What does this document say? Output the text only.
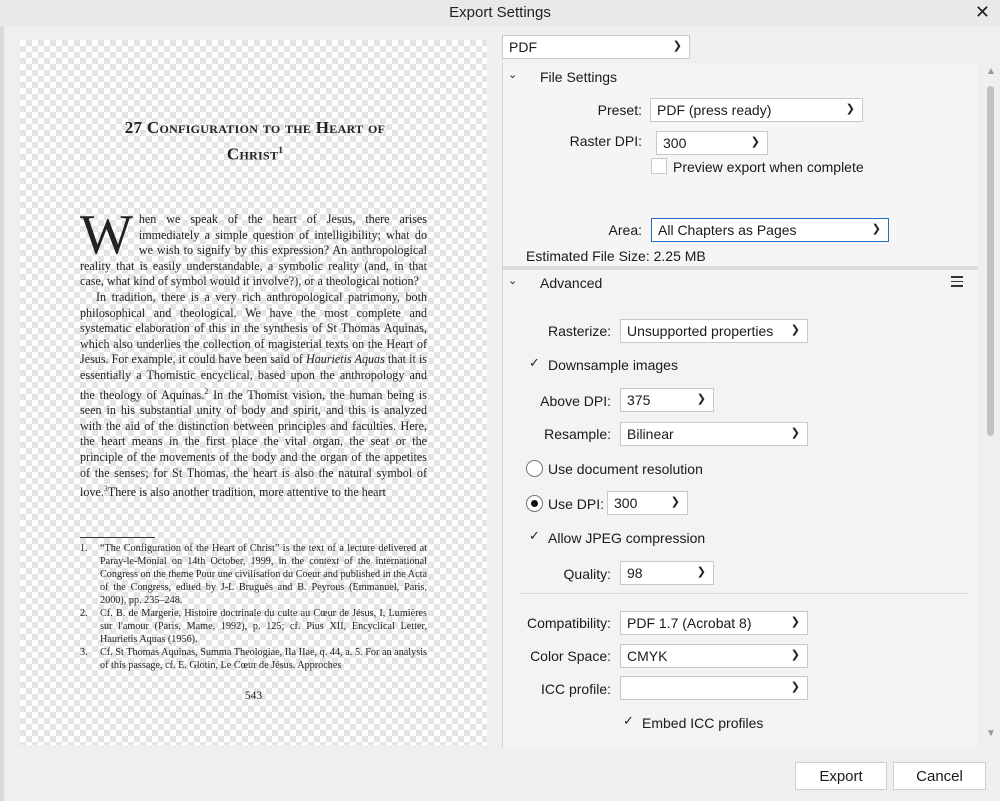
Export Settings	✕
27 Configuration to the Heart of
Christ$^1$

When we speak of the heart of Jesus, there arises immediately a simple question of intelligibility; what do we wish to signify by this expression? An anthropological reality that is easily understandable, a symbolic reality (and, in that case, what kind of symbol would it involve?), or a theological notion?

In tradition, there is a very rich anthropological patrimony, both philosophical and theological. We have the most complete and systematic elaboration of this in the synthesis of St Thomas Aquinas, which also underlies the collection of magisterial texts on the Heart of Jesus. For example, it could have been said of Haurietis Aquas that it is essentially a Thomistic encyclical, based upon the anthropology and the theology of Aquinas.$^2$ In the Thomist vision, the human being is seen in his substantial unity of body and spirit, and this is analyzed with the aid of the distinction between principles and faculties. Here, the heart means in the first place the vital organ, the seat or the principle of the movements of the body and the organ of the appetites of the senses; for St Thomas, the heart is also the natural symbol of love.$^3$There is also another tradition, more attentive to the heart

1.	“The Configuration of the Heart of Christ” is the text of a lecture delivered at Paray-le-Monial on 14th October, 1999, in the context of the international Congress on the theme Pour une civilisation du Coeur and published in the Acta of the Congress, edited by J-L Bruguès and B. Peyrous (Emmanuel, Paris, 2000), pp. 235–248.
2.	Cf. B. de Margerie, Histoire doctrinale du culte au Cœur de Jésus, I, Lumières sur l'amour (Paris, Mame, 1992), p. 125; cf. Pius XII, Encyclical Letter, Haurietis Aquas (1956).
3.	Cf. St Thomas Aquinas, Summa Theologiae, IIa IIae, q. 44, a. 5. For an analysis of this passage, cf. E. Glotin, Le Cœur de Jésus. Approches
543
PDF	❯
⌄ File Settings
Preset:	PDF (press ready)	❯
Raster DPI:	300	❯
Preview export when complete
Area:	All Chapters as Pages	❯
Estimated File Size: 2.25 MB
⌄ Advanced
Rasterize:	Unsupported properties ❯
✓
Downsample images
Above DPI:	375	❯
Resample:	Bilinear	❯
Use document resolution
Use DPI: 300	❯
✓
Allow JPEG compression
Quality:	98	❯
Compatibility:	PDF 1.7 (Acrobat 8)	❯
Color Space:	CMYK	❯
ICC profile:	❯
✓
Embed ICC profiles
▲
▼
Export	Cancel
